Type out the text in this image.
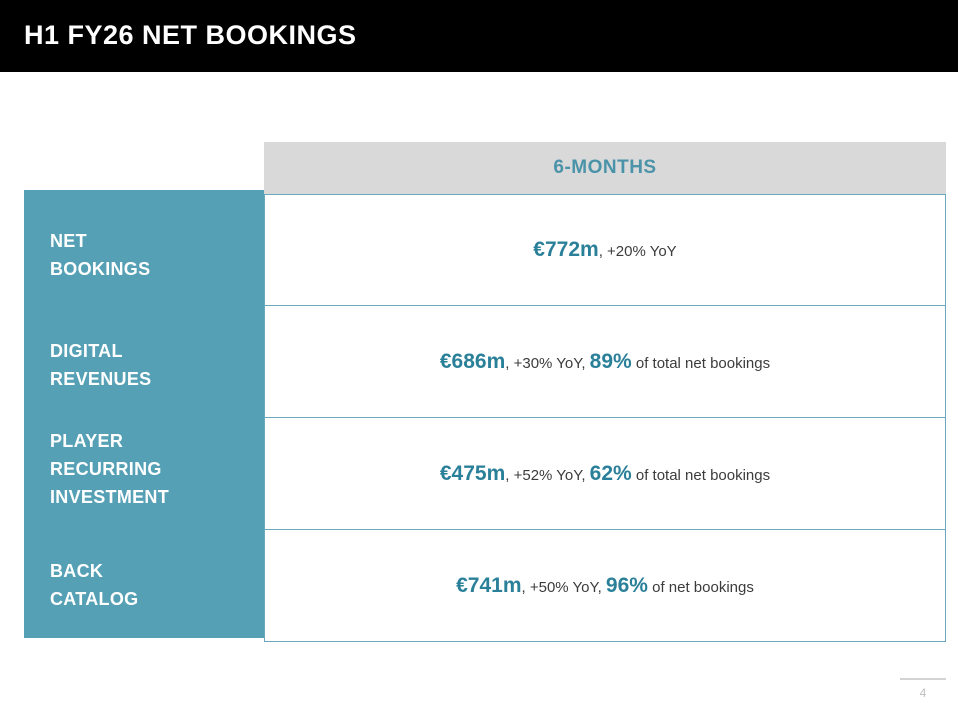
H1 FY26 NET BOOKINGS
6-MONTHS
NET
BOOKINGS
DIGITAL
REVENUES
PLAYER
RECURRING
INVESTMENT
BACK
CATALOG
€772m, +20% YoY
€686m, +30% YoY, 89% of total net bookings
€475m, +52% YoY, 62% of total net bookings
€741m, +50% YoY, 96% of net bookings
4
